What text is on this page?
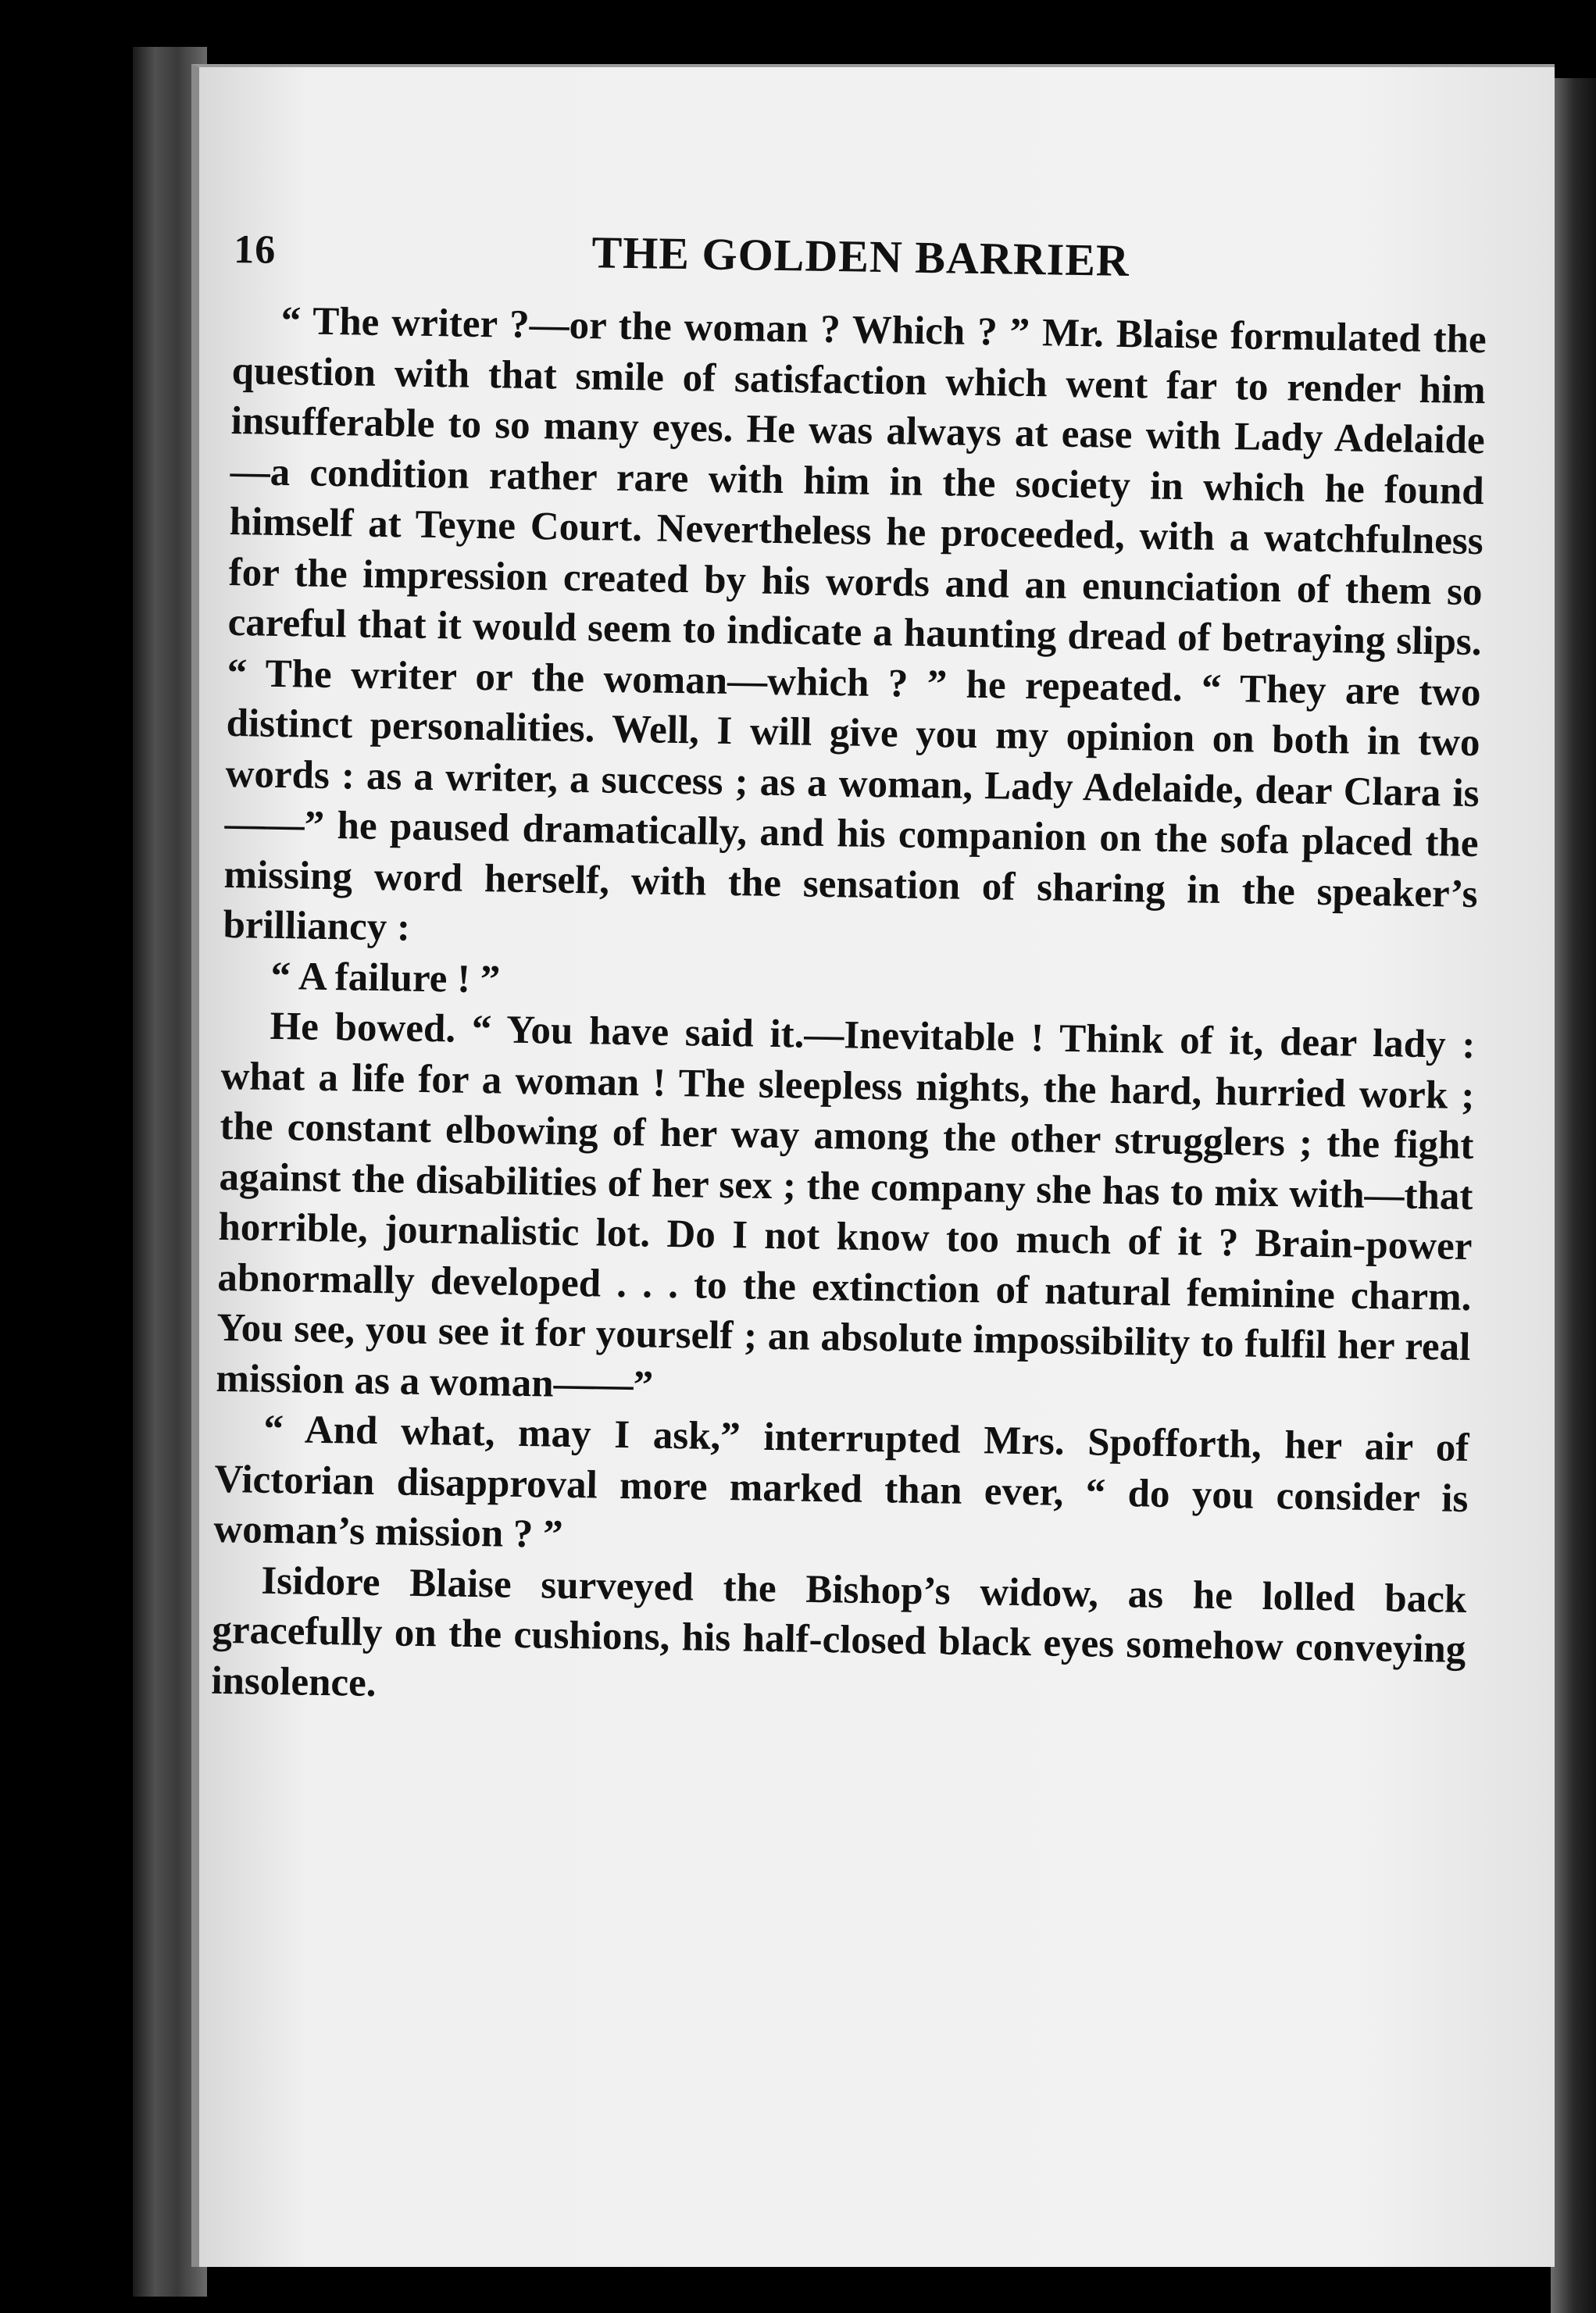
16	THE GOLDEN BARRIER

“ The writer ?—or the woman ? Which ? ” Mr. Blaise formulated the question with that smile of satisfaction which went far to render him insufferable to so many eyes. He was always at ease with Lady Adelaide —a condition rather rare with him in the society in which he found himself at Teyne Court. Nevertheless he proceeded, with a watchfulness for the impression created by his words and an enunciation of them so careful that it would seem to indicate a haunting dread of betraying slips. “ The writer or the woman—which ? ” he repeated. “ They are two distinct personalities. Well, I will give you my opinion on both in two words : as a writer, a success ; as a woman, Lady Adelaide, dear Clara is——” he paused dramatically, and his companion on the sofa placed the missing word herself, with the sensation of sharing in the speaker’s brilliancy :

“ A failure ! ”

He bowed. “ You have said it.—Inevitable ! Think of it, dear lady : what a life for a woman ! The sleepless nights, the hard, hurried work ; the constant elbowing of her way among the other strugglers ; the fight against the disabilities of her sex ; the company she has to mix with—that horrible, journalistic lot. Do I not know too much of it ? Brain-power abnormally developed . . . to the extinction of natural feminine charm. You see, you see it for yourself ; an absolute impossibility to fulfil her real mission as a woman——”

“ And what, may I ask,” interrupted Mrs. Spofforth, her air of Victorian disapproval more marked than ever, “ do you consider is woman’s mission ? ”

Isidore Blaise surveyed the Bishop’s widow, as he lolled back gracefully on the cushions, his half-closed black eyes somehow conveying insolence.
